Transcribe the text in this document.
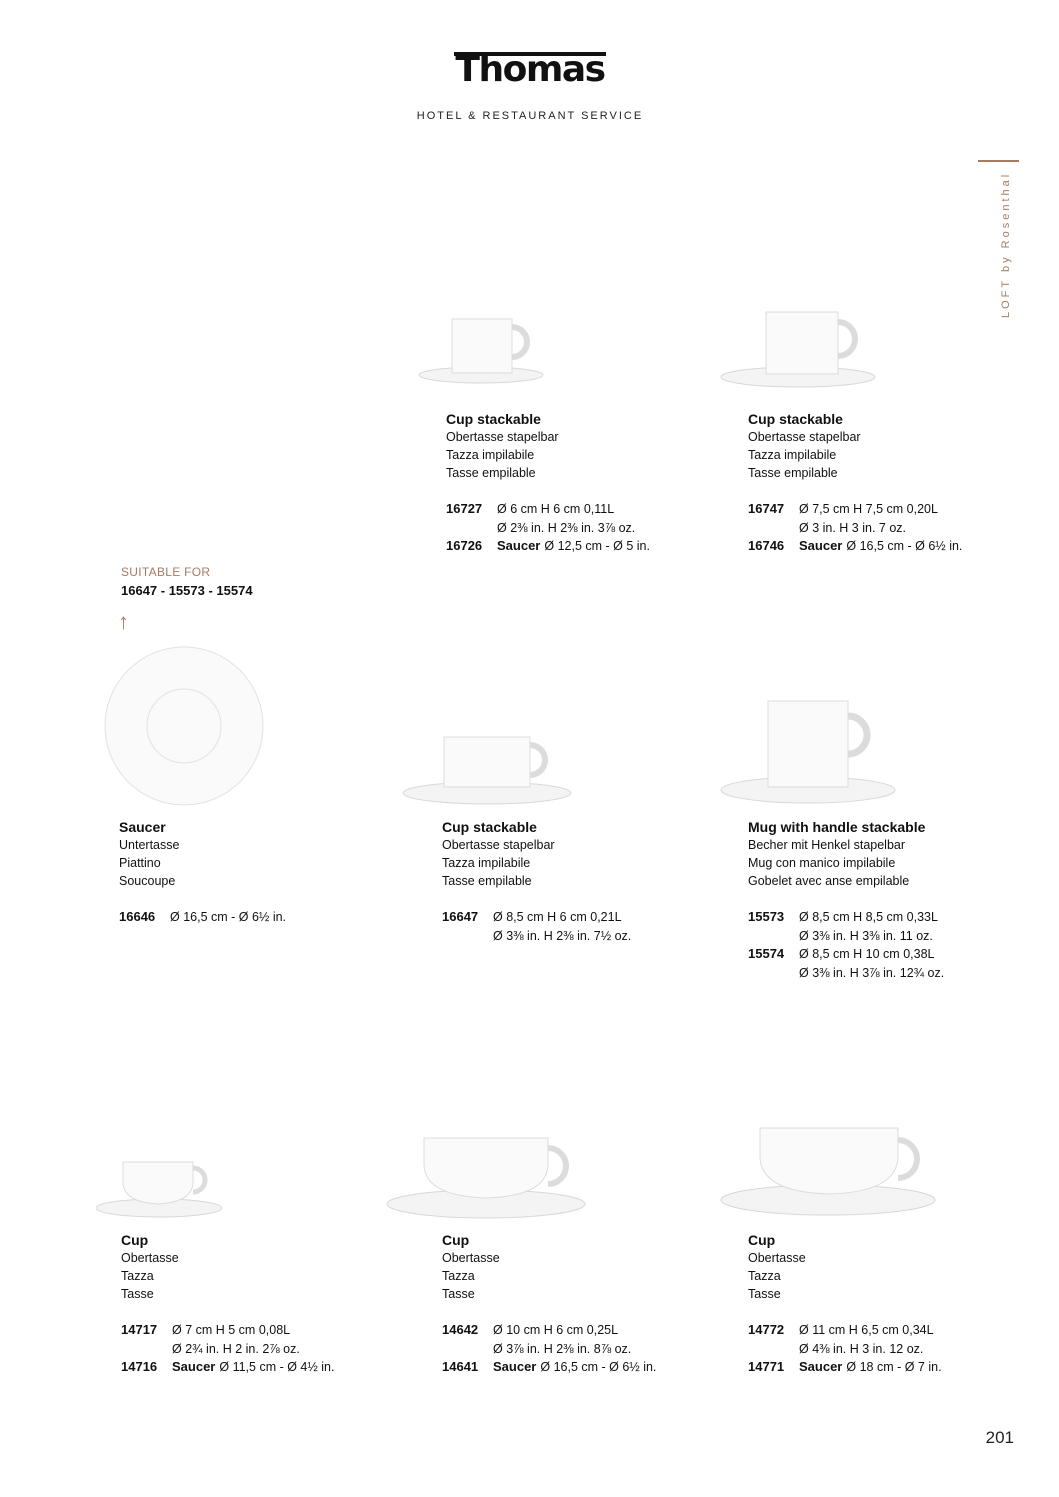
Thomas
HOTEL & RESTAURANT SERVICE
LOFT by Rosenthal
SUITABLE FOR
16647 - 15573 - 15574
↑
Cup stackable
Obertasse stapelbar
Tazza impilabile
Tasse empilable
16727	Ø 6 cm H 6 cm 0,11L
Ø 2⅜ in. H 2⅜ in. 3⅞ oz.
16726	Saucer Ø 12,5 cm - Ø 5 in.
Cup stackable
Obertasse stapelbar
Tazza impilabile
Tasse empilable
16747	Ø 7,5 cm H 7,5 cm 0,20L
Ø 3 in. H 3 in. 7 oz.
16746	Saucer Ø 16,5 cm - Ø 6½ in.
Saucer
Untertasse
Piattino
Soucoupe
16646	Ø 16,5 cm - Ø 6½ in.
Cup stackable
Obertasse stapelbar
Tazza impilabile
Tasse empilable
16647	Ø 8,5 cm H 6 cm 0,21L
Ø 3⅜ in. H 2⅜ in. 7½ oz.
Mug with handle stackable
Becher mit Henkel stapelbar
Mug con manico impilabile
Gobelet avec anse empilable
15573	Ø 8,5 cm H 8,5 cm 0,33L
Ø 3⅜ in. H 3⅜ in. 11 oz.
15574	Ø 8,5 cm H 10 cm 0,38L
Ø 3⅜ in. H 3⅞ in. 12¾ oz.
Cup
Obertasse
Tazza
Tasse
14717	Ø 7 cm H 5 cm 0,08L
Ø 2¾ in. H 2 in. 2⅞ oz.
14716	Saucer Ø 11,5 cm - Ø 4½ in.
Cup
Obertasse
Tazza
Tasse
14642	Ø 10 cm H 6 cm 0,25L
Ø 3⅞ in. H 2⅜ in. 8⅞ oz.
14641	Saucer Ø 16,5 cm - Ø 6½ in.
Cup
Obertasse
Tazza
Tasse
14772	Ø 11 cm H 6,5 cm 0,34L
Ø 4⅜ in. H 3 in. 12 oz.
14771	Saucer Ø 18 cm - Ø 7 in.
201
